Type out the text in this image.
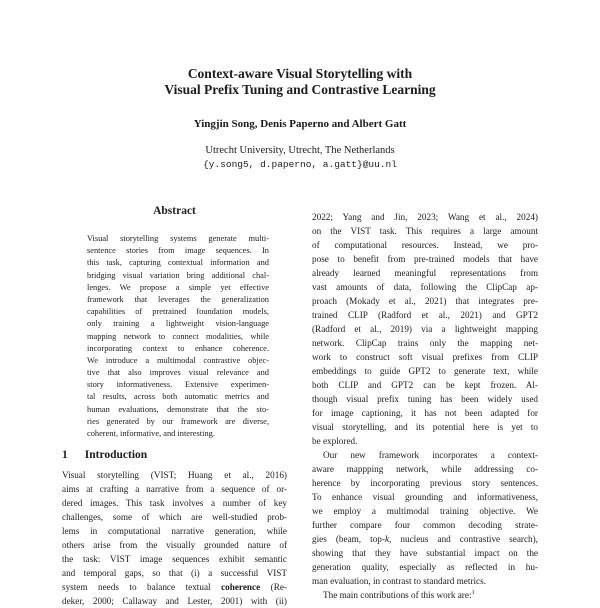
Context-aware Visual Storytelling with
Visual Prefix Tuning and Contrastive Learning
Yingjin Song, Denis Paperno and Albert Gatt
Utrecht University, Utrecht, The Netherlands
{y.song5, d.paperno, a.gatt}@uu.nl
Abstract
Visual storytelling systems generate multi-
sentence stories from image sequences. In
this task, capturing contextual information and
bridging visual variation bring additional chal-
lenges. We propose a simple yet effective
framework that leverages the generalization
capabilities of pretrained foundation models,
only training a lightweight vision-language
mapping network to connect modalities, while
incorporating context to enhance coherence.
We introduce a multimodal contrastive objec-
tive that also improves visual relevance and
story informativeness. Extensive experimen-
tal results, across both automatic metrics and
human evaluations, demonstrate that the sto-
ries generated by our framework are diverse,
coherent, informative, and interesting.
1 Introduction
Visual storytelling (VIST; Huang et al., 2016)
aims at crafting a narrative from a sequence of or-
dered images. This task involves a number of key
challenges, some of which are well-studied prob-
lems in computational narrative generation, while
others arise from the visually grounded nature of
the task: VIST image sequences exhibit semantic
and temporal gaps, so that (i) a successful VIST
system needs to balance textual coherence (Re-
deker, 2000; Callaway and Lester, 2001) with (ii)
2022; Yang and Jin, 2023; Wang et al., 2024)
on the VIST task. This requires a large amount
of computational resources. Instead, we pro-
pose to benefit from pre-trained models that have
already learned meaningful representations from
vast amounts of data, following the ClipCap ap-
proach (Mokady et al., 2021) that integrates pre-
trained CLIP (Radford et al., 2021) and GPT2
(Radford et al., 2019) via a lightweight mapping
network. ClipCap trains only the mapping net-
work to construct soft visual prefixes from CLIP
embeddings to guide GPT2 to generate text, while
both CLIP and GPT2 can be kept frozen. Al-
though visual prefix tuning has been widely used
for image captioning, it has not been adapted for
visual storytelling, and its potential here is yet to
be explored.
Our new framework incorporates a context-
aware mappping network, while addressing co-
herence by incorporating previous story sentences.
To enhance visual grounding and informativeness,
we employ a multimodal training objective. We
further compare four common decoding strate-
gies (beam, top-k, nucleus and contrastive search),
showing that they have substantial impact on the
generation quality, especially as reflected in hu-
man evaluation, in contrast to standard metrics.
The main contributions of this work are:$^1$
